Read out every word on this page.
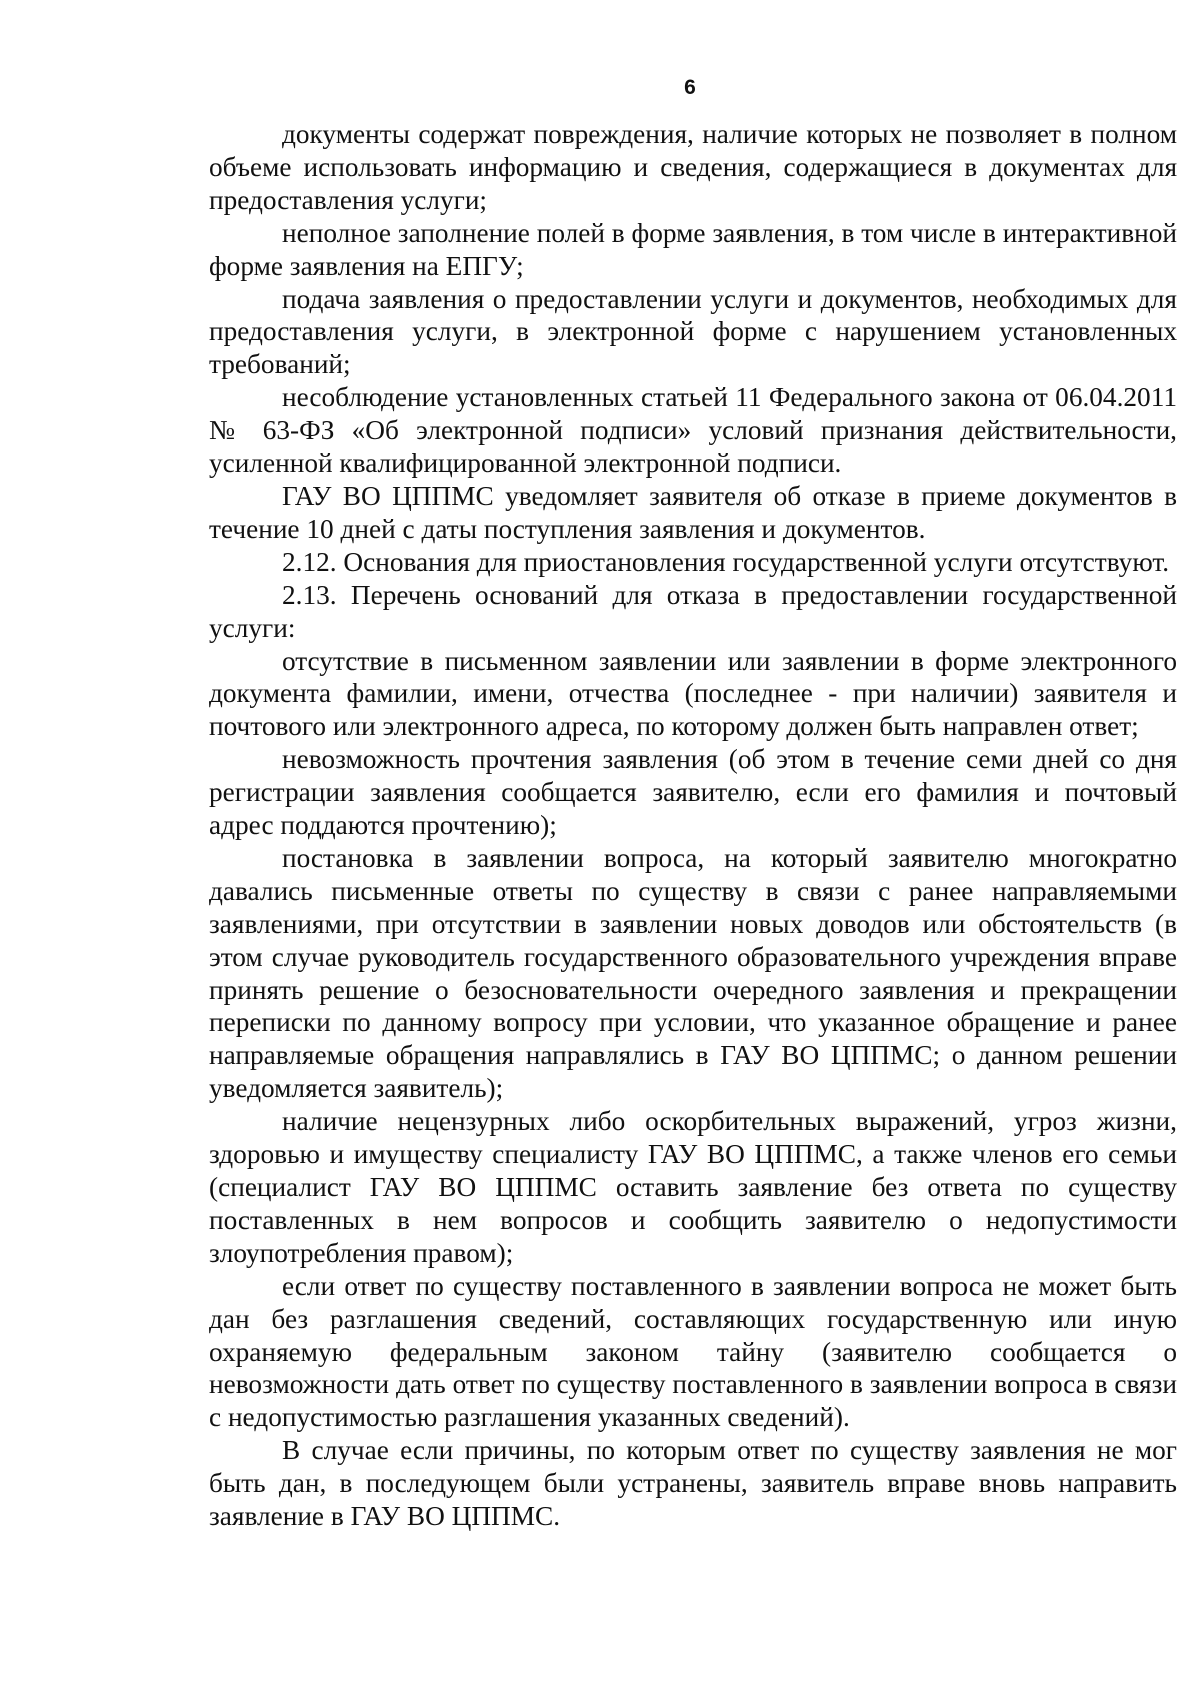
6

документы содержат повреждения, наличие которых не позволяет в полном объеме использовать информацию и сведения, содержащиеся в документах для предоставления услуги;

неполное заполнение полей в форме заявления, в том числе в интерактивной форме заявления на ЕПГУ;

подача заявления о предоставлении услуги и документов, необходимых для предоставления услуги, в электронной форме с нарушением установленных требований;

несоблюдение установленных статьей 11 Федерального закона от 06.04.2011 № 63-ФЗ «Об электронной подписи» условий признания действительности, усиленной квалифицированной электронной подписи.

ГАУ ВО ЦППМС уведомляет заявителя об отказе в приеме документов в течение 10 дней с даты поступления заявления и документов.

2.12. Основания для приостановления государственной услуги отсутствуют.

2.13. Перечень оснований для отказа в предоставлении государственной услуги:

отсутствие в письменном заявлении или заявлении в форме электронного документа фамилии, имени, отчества (последнее - при наличии) заявителя и почтового или электронного адреса, по которому должен быть направлен ответ;

невозможность прочтения заявления (об этом в течение семи дней со дня регистрации заявления сообщается заявителю, если его фамилия и почтовый адрес поддаются прочтению);

постановка в заявлении вопроса, на который заявителю многократно давались письменные ответы по существу в связи с ранее направляемыми заявлениями, при отсутствии в заявлении новых доводов или обстоятельств (в этом случае руководитель государственного образовательного учреждения вправе принять решение о безосновательности очередного заявления и прекращении переписки по данному вопросу при условии, что указанное обращение и ранее направляемые обращения направлялись в ГАУ ВО ЦППМС; о данном решении уведомляется заявитель);

наличие нецензурных либо оскорбительных выражений, угроз жизни, здоровью и имуществу специалисту ГАУ ВО ЦППМС, а также членов его семьи (специалист ГАУ ВО ЦППМС оставить заявление без ответа по существу поставленных в нем вопросов и сообщить заявителю о недопустимости злоупотребления правом);

если ответ по существу поставленного в заявлении вопроса не может быть дан без разглашения сведений, составляющих государственную или иную охраняемую федеральным законом тайну (заявителю сообщается о невозможности дать ответ по существу поставленного в заявлении вопроса в связи с недопустимостью разглашения указанных сведений).

В случае если причины, по которым ответ по существу заявления не мог быть дан, в последующем были устранены, заявитель вправе вновь направить заявление в ГАУ ВО ЦППМС.
